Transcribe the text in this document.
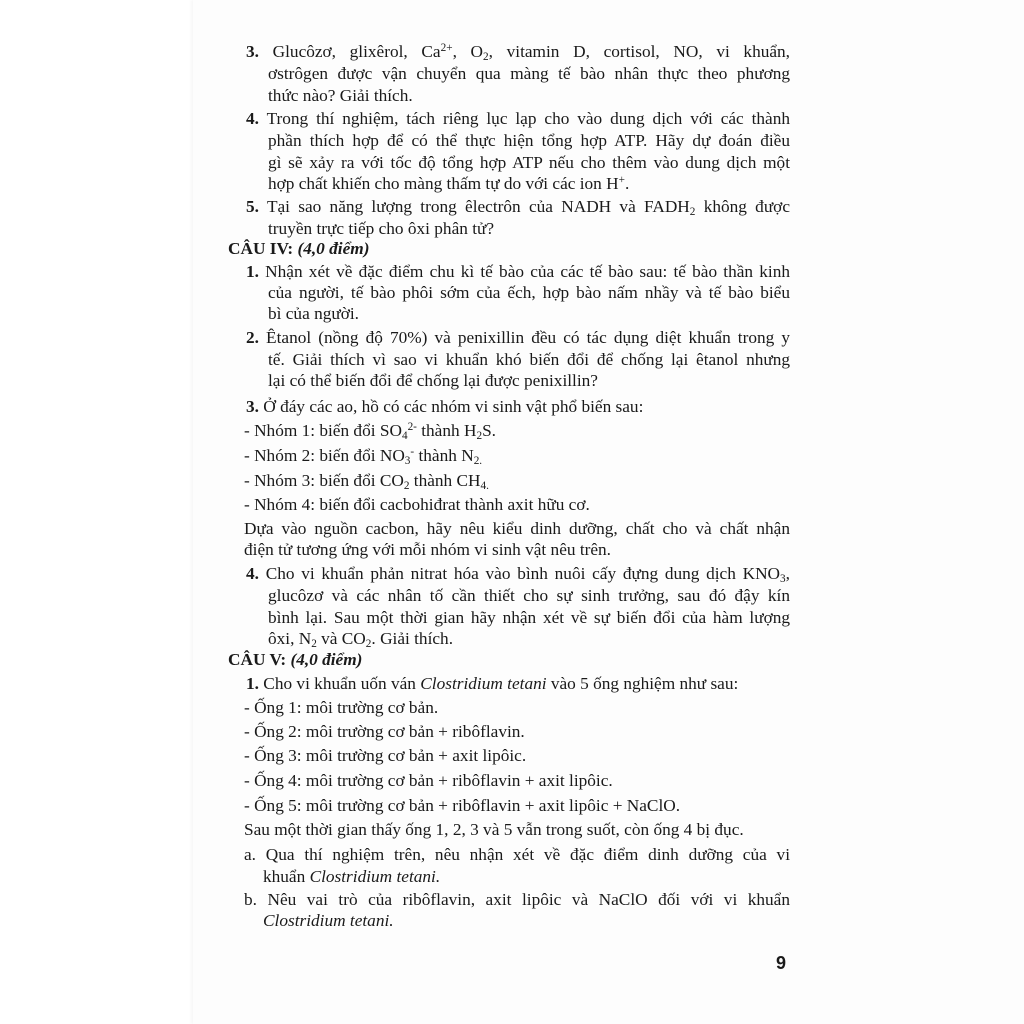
3. Glucôzơ, glixêrol, $Ca^{2+}$, $O_2$, vitamin D, cortisol, NO, vi khuẩn,
ơstrôgen được vận chuyển qua màng tế bào nhân thực theo phương
thức nào? Giải thích.
4. Trong thí nghiệm, tách riêng lục lạp cho vào dung dịch với các thành
phần thích hợp để có thể thực hiện tổng hợp ATP. Hãy dự đoán điều
gì sẽ xảy ra với tốc độ tổng hợp ATP nếu cho thêm vào dung dịch một
hợp chất khiến cho màng thấm tự do với các ion H+.
5. Tại sao năng lượng trong êlectrôn của NADH và $FADH_2$ không được
truyền trực tiếp cho ôxi phân tử?
CÂU IV: (4,0 điểm)
1. Nhận xét về đặc điểm chu kì tế bào của các tế bào sau: tế bào thần kinh
của người, tế bào phôi sớm của ếch, hợp bào nấm nhầy và tế bào biểu
bì của người.
2. Êtanol (nồng độ 70%) và penixillin đều có tác dụng diệt khuẩn trong y
tế. Giải thích vì sao vi khuẩn khó biến đổi để chống lại êtanol nhưng
lại có thể biến đổi để chống lại được penixillin?
3. Ở đáy các ao, hồ có các nhóm vi sinh vật phổ biến sau:
- Nhóm 1: biến đổi $SO_4^{2-}$ thành $H_2S$.
- Nhóm 2: biến đổi $NO_3^-$ thành $N_{2.}$
- Nhóm 3: biến đổi $CO_2$ thành $CH_{4.}$
- Nhóm 4: biến đổi cacbohiđrat thành axit hữu cơ.
Dựa vào nguồn cacbon, hãy nêu kiểu dinh dưỡng, chất cho và chất nhận
điện tử tương ứng với mỗi nhóm vi sinh vật nêu trên.
4. Cho vi khuẩn phản nitrat hóa vào bình nuôi cấy đựng dung dịch $KNO_3$,
glucôzơ và các nhân tố cần thiết cho sự sinh trưởng, sau đó đậy kín
bình lại. Sau một thời gian hãy nhận xét về sự biến đổi của hàm lượng
ôxi, $N_2$ và $CO_2$. Giải thích.
CÂU V: (4,0 điểm)
1. Cho vi khuẩn uốn ván Clostridium tetani vào 5 ống nghiệm như sau:
- Ống 1: môi trường cơ bản.
- Ống 2: môi trường cơ bản + ribôflavin.
- Ống 3: môi trường cơ bản + axit lipôic.
- Ống 4: môi trường cơ bản + ribôflavin + axit lipôic.
- Ống 5: môi trường cơ bản + ribôflavin + axit lipôic + NaClO.
Sau một thời gian thấy ống 1, 2, 3 và 5 vẫn trong suốt, còn ống 4 bị đục.
a. Qua thí nghiệm trên, nêu nhận xét về đặc điểm dinh dưỡng của vi
khuẩn Clostridium tetani.
b. Nêu vai trò của ribôflavin, axit lipôic và NaClO đối với vi khuẩn
Clostridium tetani.
9
